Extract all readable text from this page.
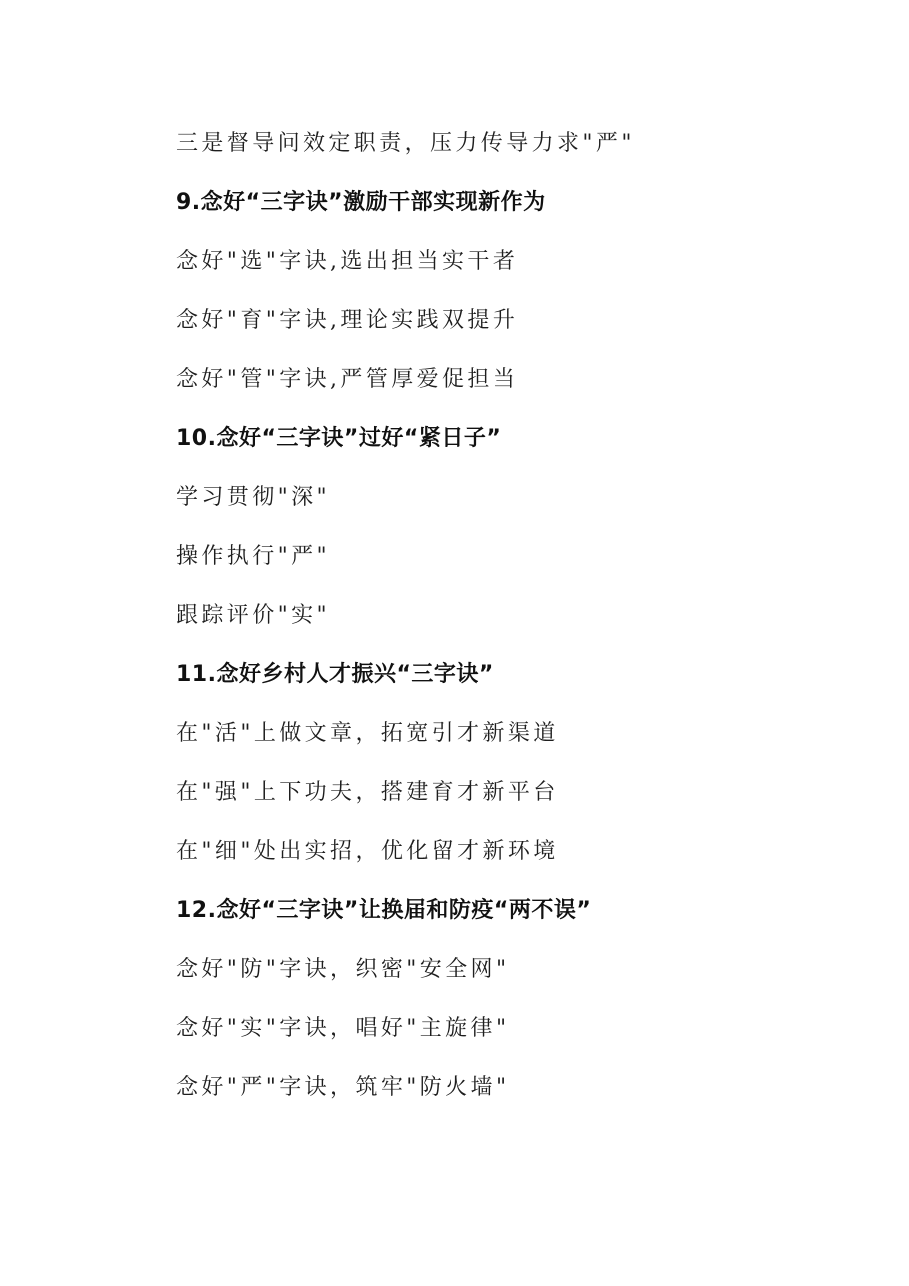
三是督导问效定职责，压力传导力求"严"
9.念好“三字诀”激励干部实现新作为
念好"选"字诀,选出担当实干者
念好"育"字诀,理论实践双提升
念好"管"字诀,严管厚爱促担当
10.念好“三字诀”过好“紧日子”
学习贯彻"深"
操作执行"严"
跟踪评价"实"
11.念好乡村人才振兴“三字诀”
在"活"上做文章，拓宽引才新渠道
在"强"上下功夫，搭建育才新平台
在"细"处出实招，优化留才新环境
12.念好“三字诀”让换届和防疫“两不误”
念好"防"字诀，织密"安全网"
念好"实"字诀，唱好"主旋律"
念好"严"字诀，筑牢"防火墙"
